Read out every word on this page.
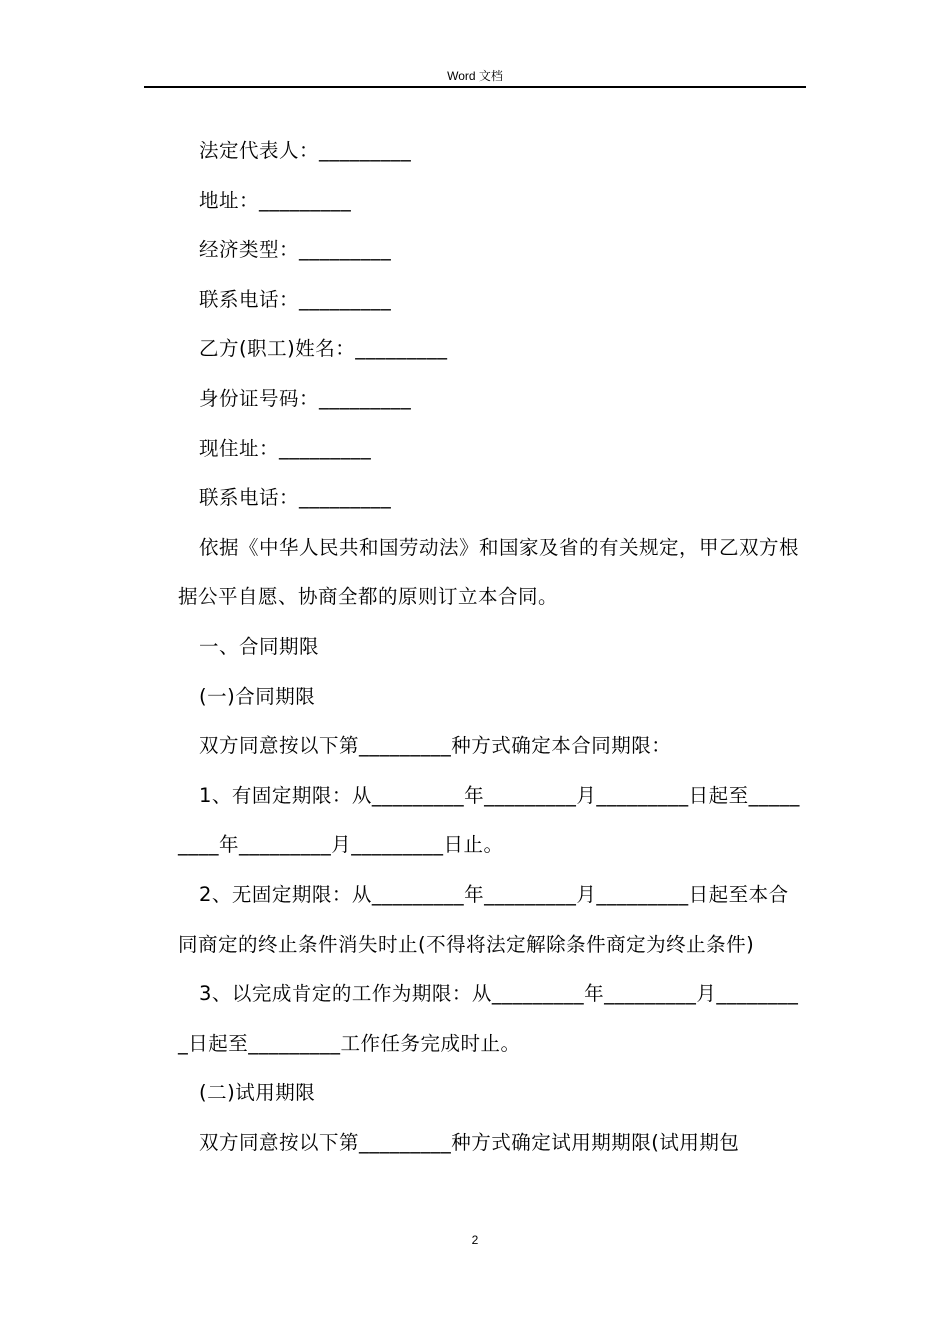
Word 文档

法定代表人：_________

地址：_________

经济类型：_________

联系电话：_________

乙方(职工)姓名：_________

身份证号码：_________

现住址：_________

联系电话：_________

依据《中华人民共和国劳动法》和国家及省的有关规定，甲乙双方根据公平自愿、协商全都的原则订立本合同。

一、合同期限

(一)合同期限

双方同意按以下第_________种方式确定本合同期限：

1、有固定期限：从_________年_________月_________日起至_________年_________月_________日止。

2、无固定期限：从_________年_________月_________日起至本合同商定的终止条件消失时止(不得将法定解除条件商定为终止条件)

3、以完成肯定的工作为期限：从_________年_________月_________日起至_________工作任务完成时止。

(二)试用期限

双方同意按以下第_________种方式确定试用期期限(试用期包

2
